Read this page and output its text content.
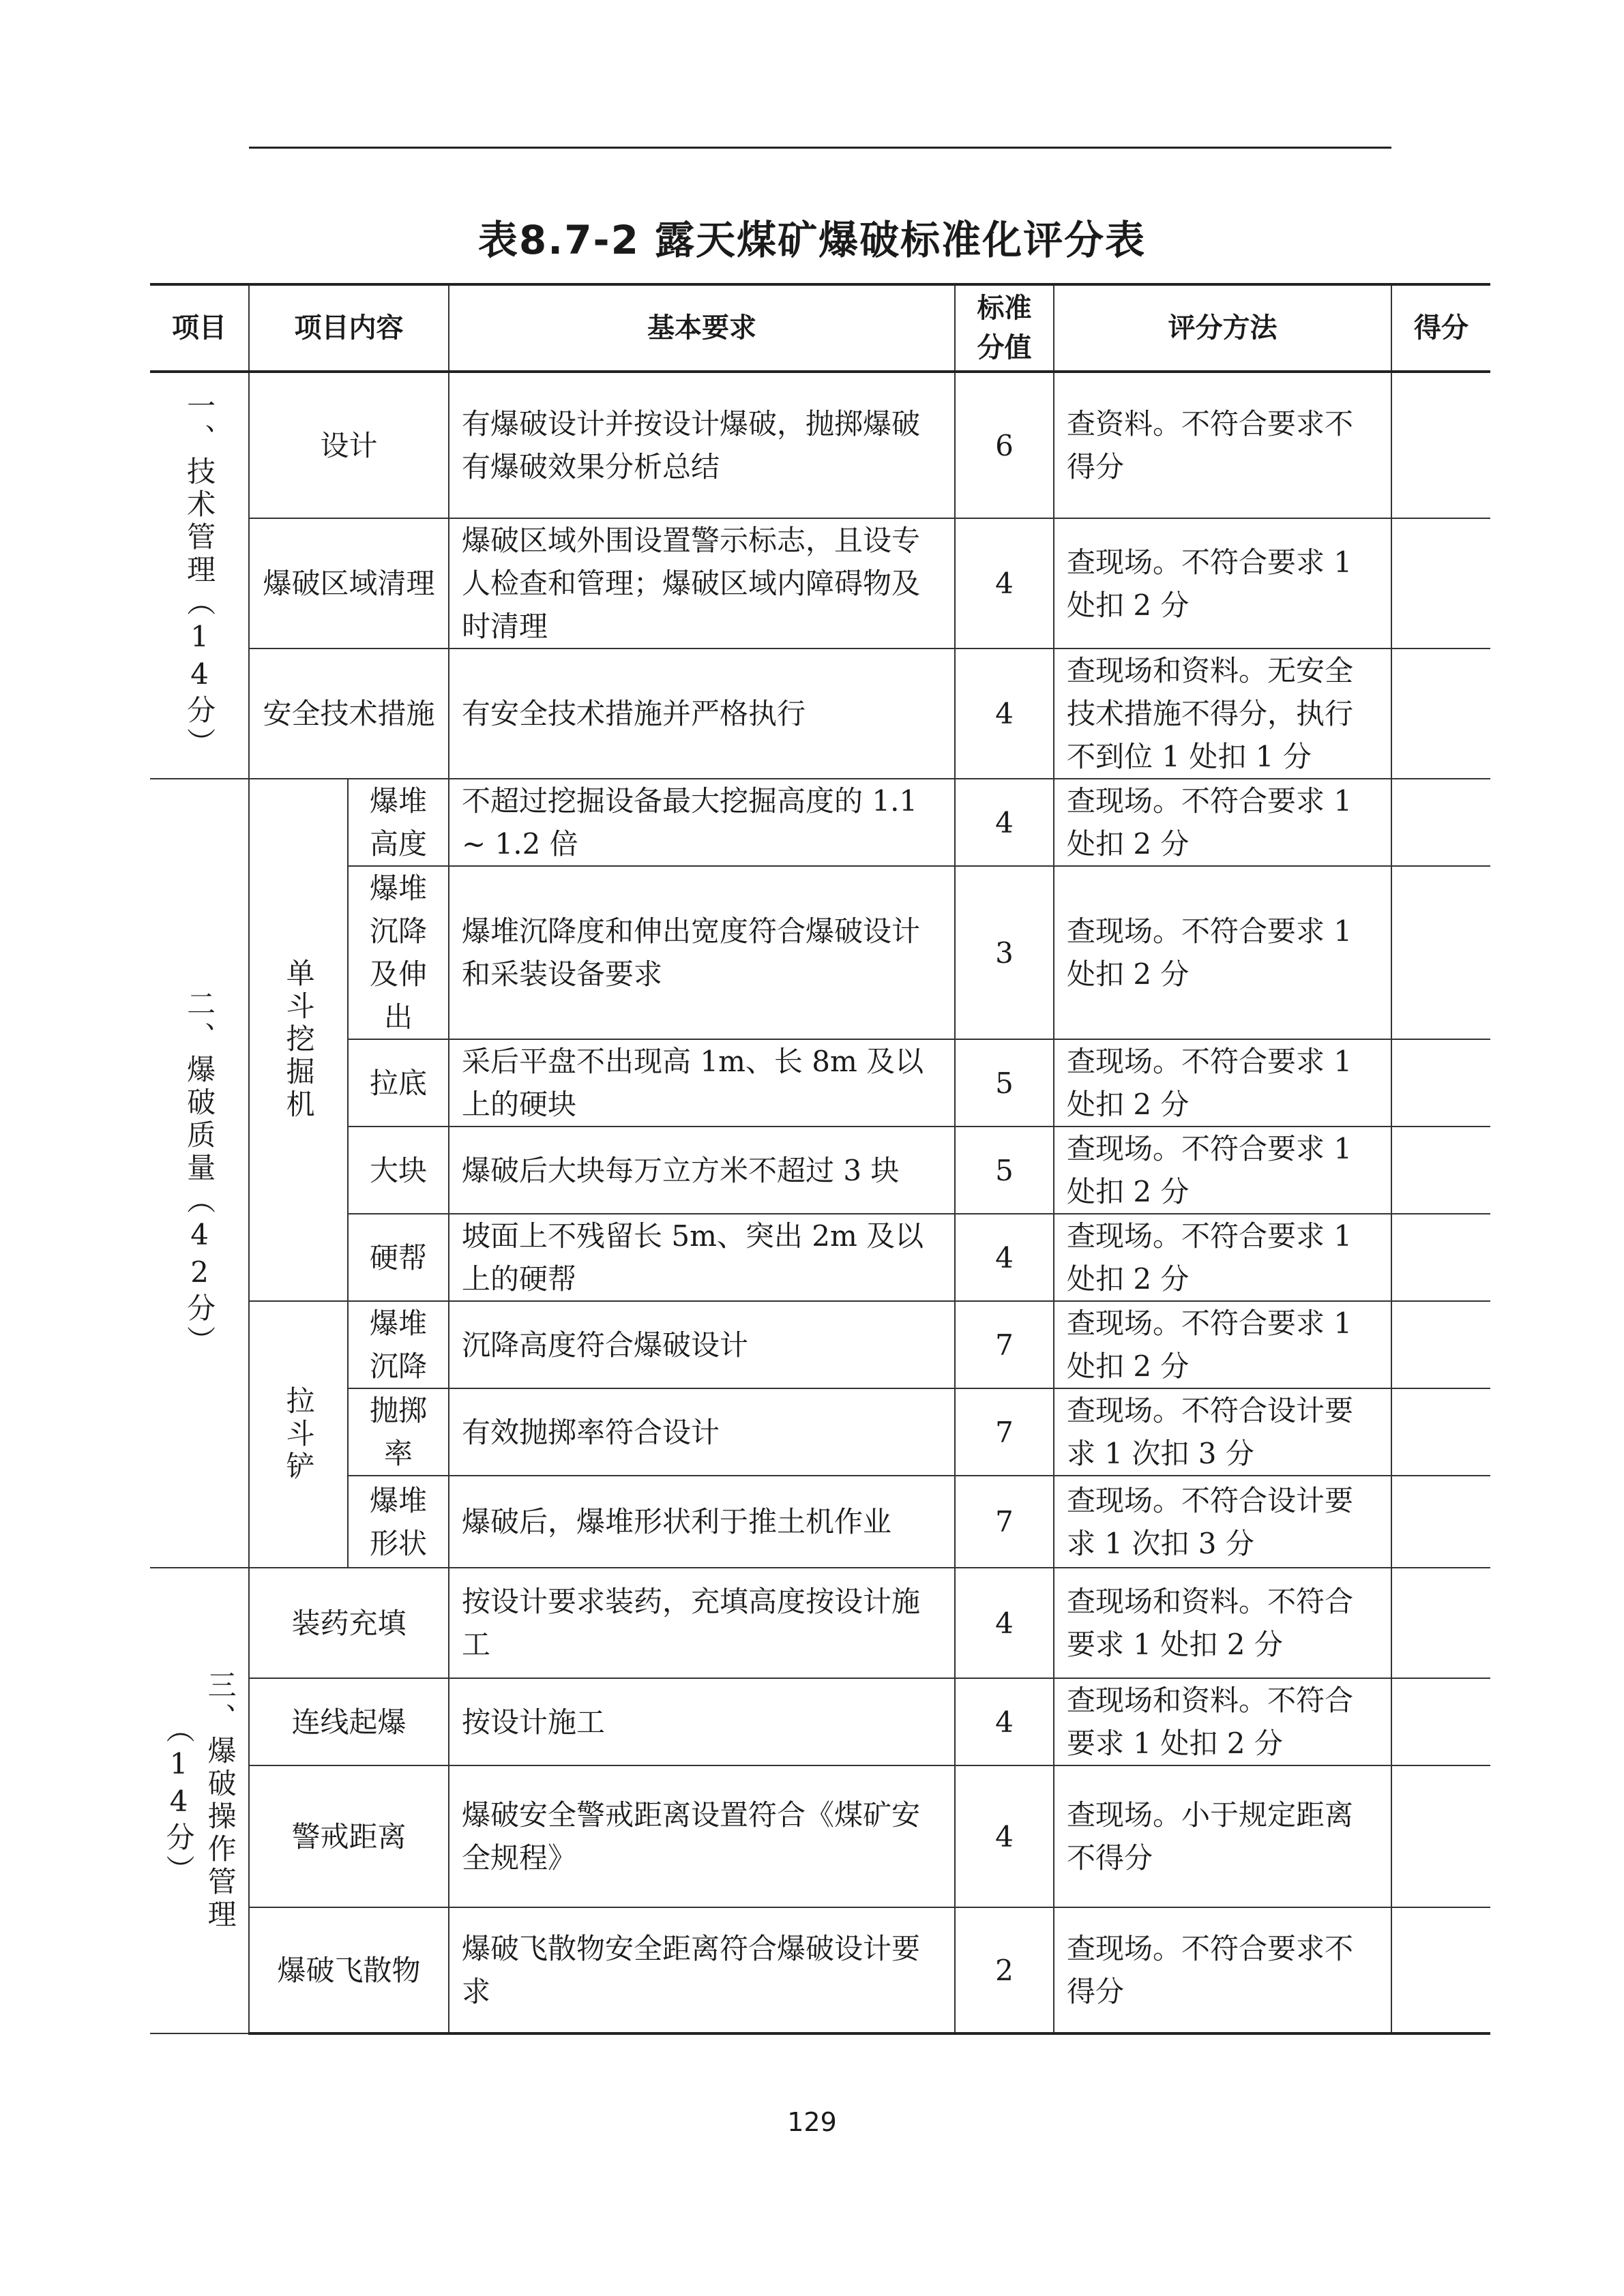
表8.7-2 露天煤矿爆破标准化评分表
项目	项目内容		基本要求	标准分值	评分方法	得分

一、技术管理（14分）	设计		有爆破设计并按设计爆破，抛掷爆破有爆破效果分析总结	6	查资料。不符合要求不得分	
	爆破区域清理		爆破区域外围设置警示标志，且设专人检查和管理；爆破区域内障碍物及时清理	4	查现场。不符合要求 1 处扣 2 分	
	安全技术措施		有安全技术措施并严格执行	4	查现场和资料。无安全技术措施不得分，执行不到位 1 处扣 1 分	

二、爆破质量（42分）	单斗挖掘机	爆堆高度	不超过挖掘设备最大挖掘高度的 1.1 ~ 1.2 倍	4	查现场。不符合要求 1 处扣 2 分	
		爆堆沉降及伸出	爆堆沉降度和伸出宽度符合爆破设计和采装设备要求	3	查现场。不符合要求 1 处扣 2 分	
		拉底	采后平盘不出现高 1m、长 8m 及以上的硬块	5	查现场。不符合要求 1 处扣 2 分	
		大块	爆破后大块每万立方米不超过 3 块	5	查现场。不符合要求 1 处扣 2 分	
		硬帮	坡面上不残留长 5m、突出 2m 及以上的硬帮	4	查现场。不符合要求 1 处扣 2 分	

	拉斗铲	爆堆沉降	沉降高度符合爆破设计	7	查现场。不符合要求 1 处扣 2 分	
		抛掷率	有效抛掷率符合设计	7	查现场。不符合设计要求 1 次扣 3 分	
		爆堆形状	爆破后，爆堆形状利于推土机作业	7	查现场。不符合设计要求 1 次扣 3 分	

三、爆破操作管理
（14分）	装药充填		按设计要求装药，充填高度按设计施工	4	查现场和资料。不符合要求 1 处扣 2 分	
	连线起爆		按设计施工	4	查现场和资料。不符合要求 1 处扣 2 分	
	警戒距离		爆破安全警戒距离设置符合《煤矿安全规程》	4	查现场。小于规定距离不得分	
	爆破飞散物		爆破飞散物安全距离符合爆破设计要求	2	查现场。不符合要求不得分	
129
